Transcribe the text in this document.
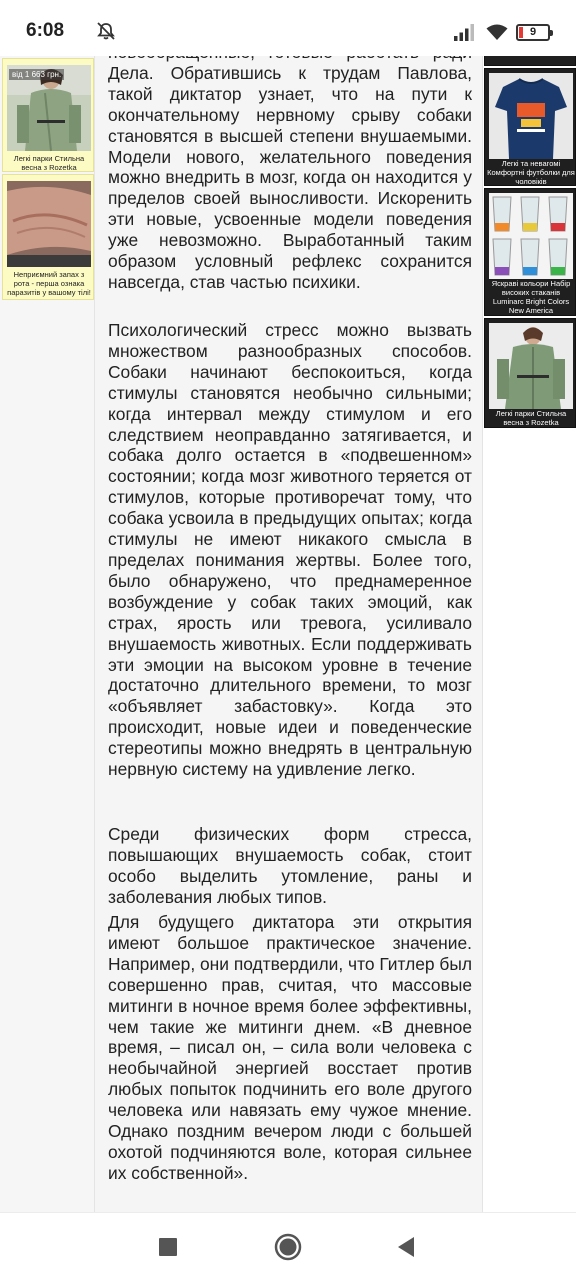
6:08	9
від 1 663 грн.
Легкі парки Стильна весна з Rozetka
Неприємний запах з рота - перша ознака паразитів у вашому тілі!

Дела. Обратившись к трудам Павлова, такой диктатор узнает, что на пути к окончательному нервному срыву собаки становятся в высшей степени внушаемыми. Модели нового, желательного поведения можно внедрить в мозг, когда он находится у пределов своей выносливости. Искоренить эти новые, усвоенные модели поведения уже невозможно. Выработанный таким образом условный рефлекс сохранится навсегда, став частью психики.

Психологический стресс можно вызвать множеством разнообразных способов. Собаки начинают беспокоиться, когда стимулы становятся необычно сильными; когда интервал между стимулом и его следствием неоправданно затягивается, и собака долго остается в «подвешенном» состоянии; когда мозг животного теряется от стимулов, которые противоречат тому, что собака усвоила в предыдущих опытах; когда стимулы не имеют никакого смысла в пределах понимания жертвы. Более того, было обнаружено, что преднамеренное возбуждение у собак таких эмоций, как страх, ярость или тревога, усиливало внушаемость животных. Если поддерживать эти эмоции на высоком уровне в течение достаточно длительного времени, то мозг «объявляет забастовку». Когда это происходит, новые идеи и поведенческие стереотипы можно внедрять в центральную нервную систему на удивление легко.

Среди физических форм стресса, повышающих внушаемость собак, стоит особо выделить утомление, раны и заболевания любых типов.

Для будущего диктатора эти открытия имеют большое практическое значение. Например, они подтвердили, что Гитлер был совершенно прав, считая, что массовые митинги в ночное время более эффективны, чем такие же митинги днем. «В дневное время, – писал он, – сила воли человека с необычайной энергией восстает против любых попыток подчинить его воле другого человека или навязать ему чужое мнение. Однако поздним вечером люди с большей охотой подчиняются воле, которая сильнее их собственной».

Легкі та невагомі Комфортні футболки для чоловіків
Яскраві кольори Набір високих стаканів Luminarc Bright Colors New America
Легкі парки Стильна весна з Rozetka
